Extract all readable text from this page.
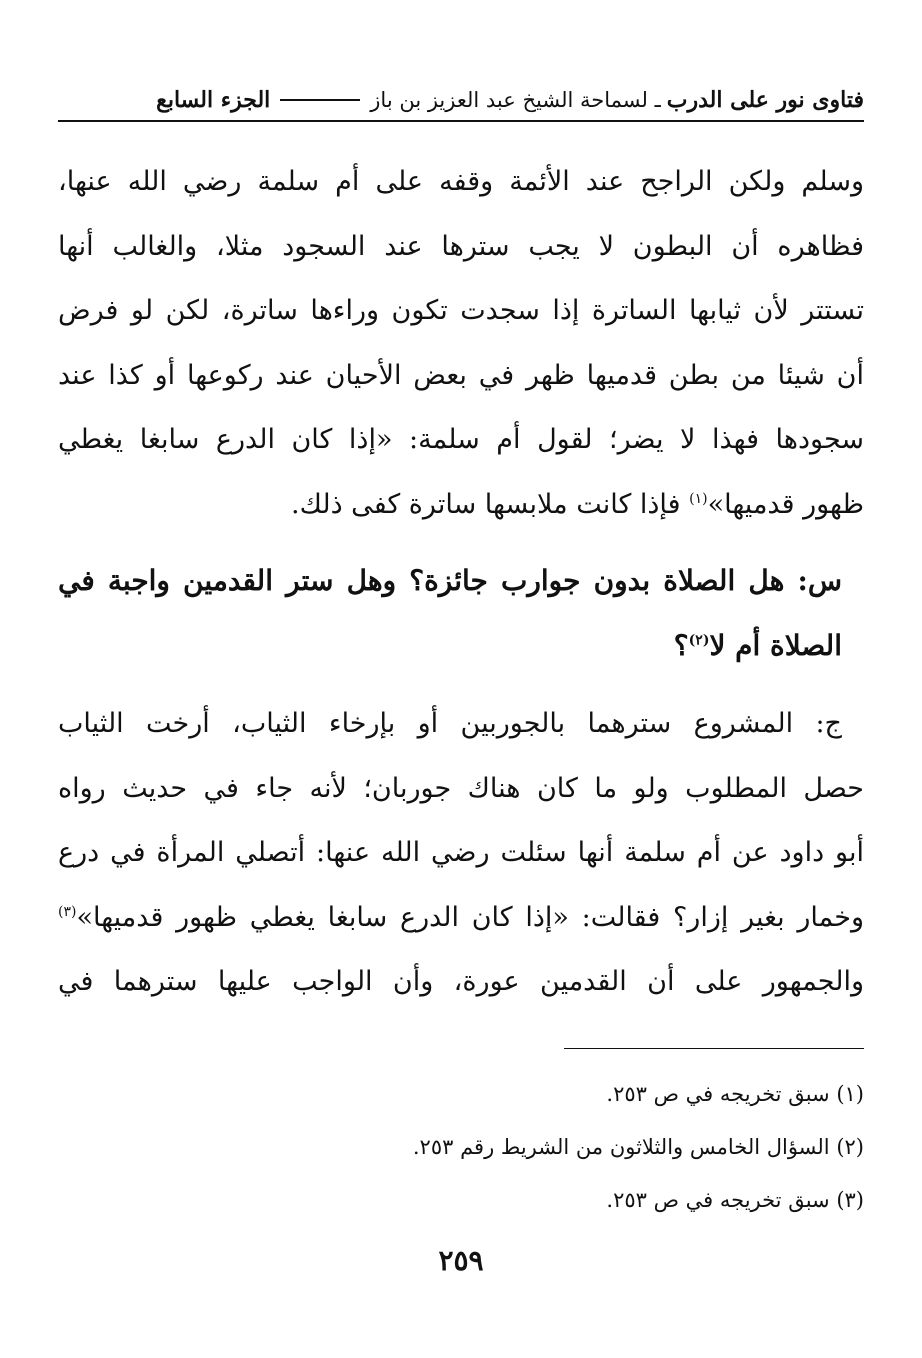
فتاوى نور على الدرب
ـ لسماحة الشيخ عبد العزيز بن باز
الجزء السابع

وسلم ولكن الراجح عند الأئمة وقفه على أم سلمة رضي الله عنها،
فظاهره أن البطون لا يجب سترها عند السجود مثلا، والغالب أنها
تستتر لأن ثيابها الساترة إذا سجدت تكون وراءها ساترة، لكن لو فرض
أن شيئا من بطن قدميها ظهر في بعض الأحيان عند ركوعها أو كذا عند
سجودها فهذا لا يضر؛ لقول أم سلمة: «إذا كان الدرع سابغا يغطي
ظهور قدميها»$^{(١)}$ فإذا كانت ملابسها ساترة كفى ذلك.

س: هل الصلاة بدون جوارب جائزة؟ وهل ستر القدمين واجبة في
الصلاة أم لا$^{(٢)}$؟

ج: المشروع سترهما بالجوربين أو بإرخاء الثياب، أرخت الثياب
حصل المطلوب ولو ما كان هناك جوربان؛ لأنه جاء في حديث رواه
أبو داود عن أم سلمة أنها سئلت رضي الله عنها: أتصلي المرأة في درع
وخمار بغير إزار؟ فقالت: «إذا كان الدرع سابغا يغطي ظهور قدميها»$^{(٣)}$
والجمهور على أن القدمين عورة، وأن الواجب عليها سترهما في

(١) سبق تخريجه في ص ٢٥٣.
(٢) السؤال الخامس والثلاثون من الشريط رقم ٢٥٣.
(٣) سبق تخريجه في ص ٢٥٣.
٢٥٩
